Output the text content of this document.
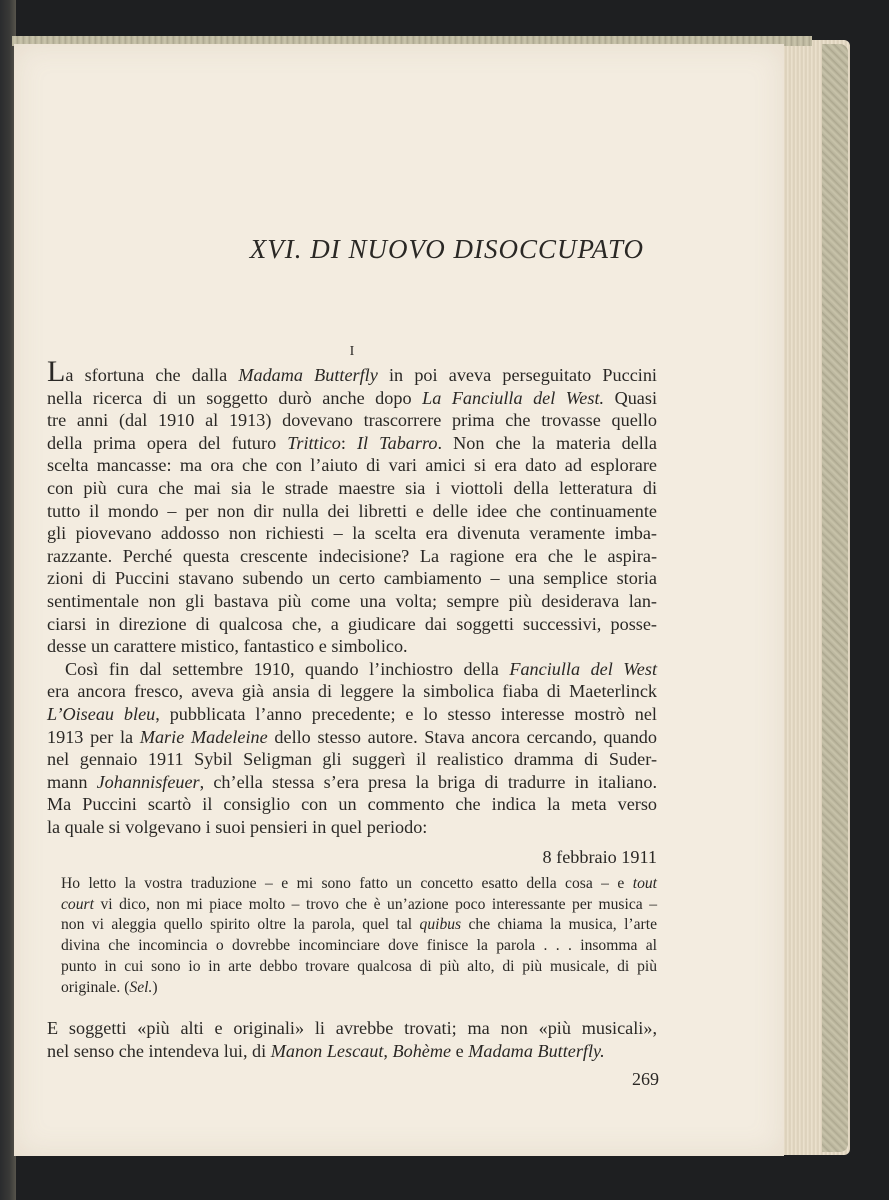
XVI. DI NUOVO DISOCCUPATO
I
La sfortuna che dalla Madama Butterfly in poi aveva perseguitato Puccini
nella ricerca di un soggetto durò anche dopo La Fanciulla del West. Quasi
tre anni (dal 1910 al 1913) dovevano trascorrere prima che trovasse quello
della prima opera del futuro Trittico: Il Tabarro. Non che la materia della
scelta mancasse: ma ora che con l’aiuto di vari amici si era dato ad esplorare
con più cura che mai sia le strade maestre sia i viottoli della letteratura di
tutto il mondo – per non dir nulla dei libretti e delle idee che continuamente
gli piovevano addosso non richiesti – la scelta era divenuta veramente imba-
razzante. Perché questa crescente indecisione? La ragione era che le aspira-
zioni di Puccini stavano subendo un certo cambiamento – una semplice storia
sentimentale non gli bastava più come una volta; sempre più desiderava lan-
ciarsi in direzione di qualcosa che, a giudicare dai soggetti successivi, posse-
desse un carattere mistico, fantastico e simbolico.
Così fin dal settembre 1910, quando l’inchiostro della Fanciulla del West
era ancora fresco, aveva già ansia di leggere la simbolica fiaba di Maeterlinck
L’Oiseau bleu, pubblicata l’anno precedente; e lo stesso interesse mostrò nel
1913 per la Marie Madeleine dello stesso autore. Stava ancora cercando, quando
nel gennaio 1911 Sybil Seligman gli suggerì il realistico dramma di Suder-
mann Johannisfeuer, ch’ella stessa s’era presa la briga di tradurre in italiano.
Ma Puccini scartò il consiglio con un commento che indica la meta verso
la quale si volgevano i suoi pensieri in quel periodo:
8 febbraio 1911
Ho letto la vostra traduzione – e mi sono fatto un concetto esatto della cosa – e tout
court vi dico, non mi piace molto – trovo che è un’azione poco interessante per musica –
non vi aleggia quello spirito oltre la parola, quel tal quibus che chiama la musica, l’arte
divina che incomincia o dovrebbe incominciare dove finisce la parola . . . insomma al
punto in cui sono io in arte debbo trovare qualcosa di più alto, di più musicale, di più
originale. (Sel.)
E soggetti «più alti e originali» li avrebbe trovati; ma non «più musicali»,
nel senso che intendeva lui, di Manon Lescaut, Bohème e Madama Butterfly.
269
